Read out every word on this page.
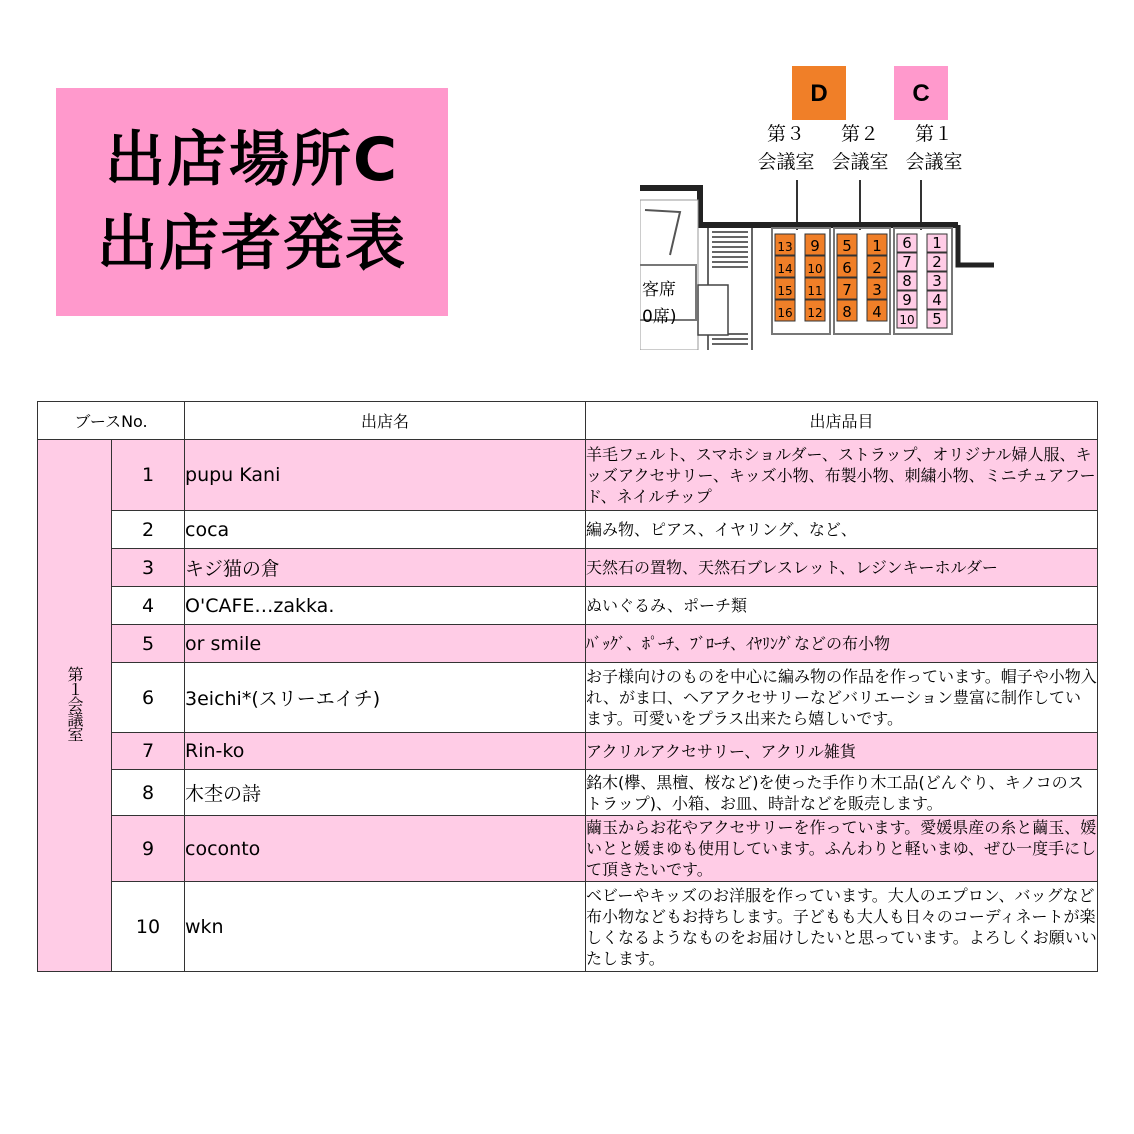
出店場所C
出店者発表
D	C
第３
会議室
第２
会議室
第１
会議室
客席
0席)
13
14
15
16
9
10
11
12
5
6
7
8
1
2
3
4
6
7
8
9
10
1
2
3
4
5
ブースNo.		出店名	出店品目
第１会議室	1	pupu Kani	羊毛フェルト、スマホショルダー、ストラップ、オリジナル婦人服、キッズアクセサリー、キッズ小物、布製小物、刺繍小物、ミニチュアフード、ネイルチップ
	2	coca	編み物、ピアス、イヤリング、など、
	3	キジ猫の倉	天然石の置物、天然石ブレスレット、レジンキーホルダー
	4	O'CAFE…zakka.	ぬいぐるみ、ポーチ類
	5	or smile	ﾊﾞｯｸﾞ、ﾎﾟｰﾁ、ﾌﾞﾛｰﾁ、ｲﾔﾘﾝｸﾞなどの布小物
	6	3eichi*(スリーエイチ)	お子様向けのものを中心に編み物の作品を作っています。帽子や小物入れ、がま口、ヘアアクセサリーなどバリエーション豊富に制作しています。可愛いをプラス出来たら嬉しいです。
	7	Rin-ko	アクリルアクセサリー、アクリル雑貨
	8	木杢の詩	銘木(欅、黒檀、桜など)を使った手作り木工品(どんぐり、キノコのストラップ)、小箱、お皿、時計などを販売します。
	9	coconto	繭玉からお花やアクセサリーを作っています。愛媛県産の糸と繭玉、媛いとと媛まゆも使用しています。ふんわりと軽いまゆ、ぜひ一度手にして頂きたいです。
	10	wkn	ベビーやキッズのお洋服を作っています。大人のエプロン、バッグなど布小物などもお持ちします。子どもも大人も日々のコーディネートが楽しくなるようなものをお届けしたいと思っています。よろしくお願いいたします。
